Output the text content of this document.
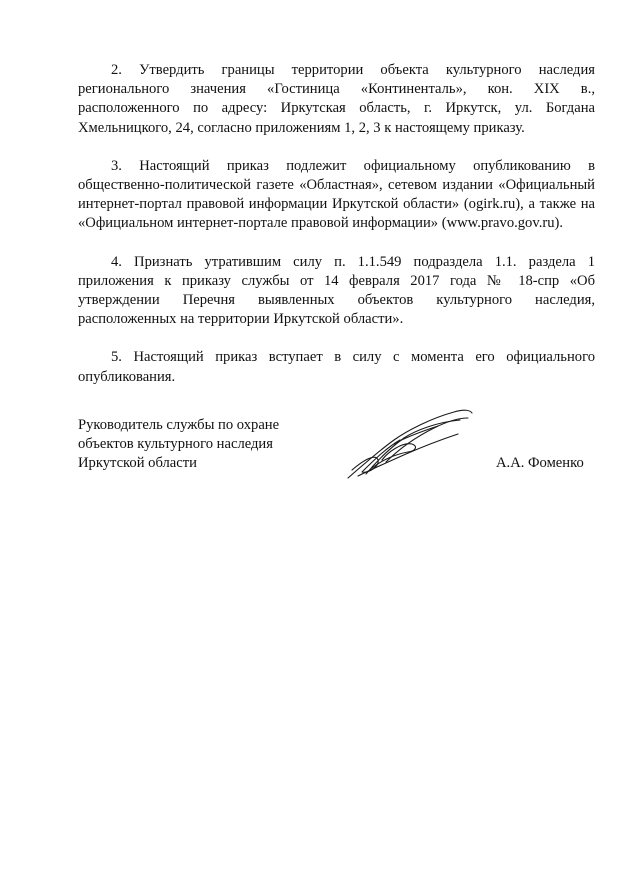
2. Утвердить границы территории объекта культурного наследия регионального значения «Гостиница «Континенталь», кон. XIX в., расположенного по адресу: Иркутская область, г. Иркутск, ул. Богдана Хмельницкого, 24, согласно приложениям 1, 2, 3 к настоящему приказу.

3. Настоящий приказ подлежит официальному опубликованию в общественно-политической газете «Областная», сетевом издании «Официальный интернет-портал правовой информации Иркутской области» (ogirk.ru), а также на «Официальном интернет-портале правовой информации» (www.pravo.gov.ru).

4. Признать утратившим силу п. 1.1.549 подраздела 1.1. раздела 1 приложения к приказу службы от 14 февраля 2017 года № 18-спр «Об утверждении Перечня выявленных объектов культурного наследия, расположенных на территории Иркутской области».

5. Настоящий приказ вступает в силу с момента его официального опубликования.

Руководитель службы по охране
объектов культурного наследия
Иркутской области	А.А. Фоменко
